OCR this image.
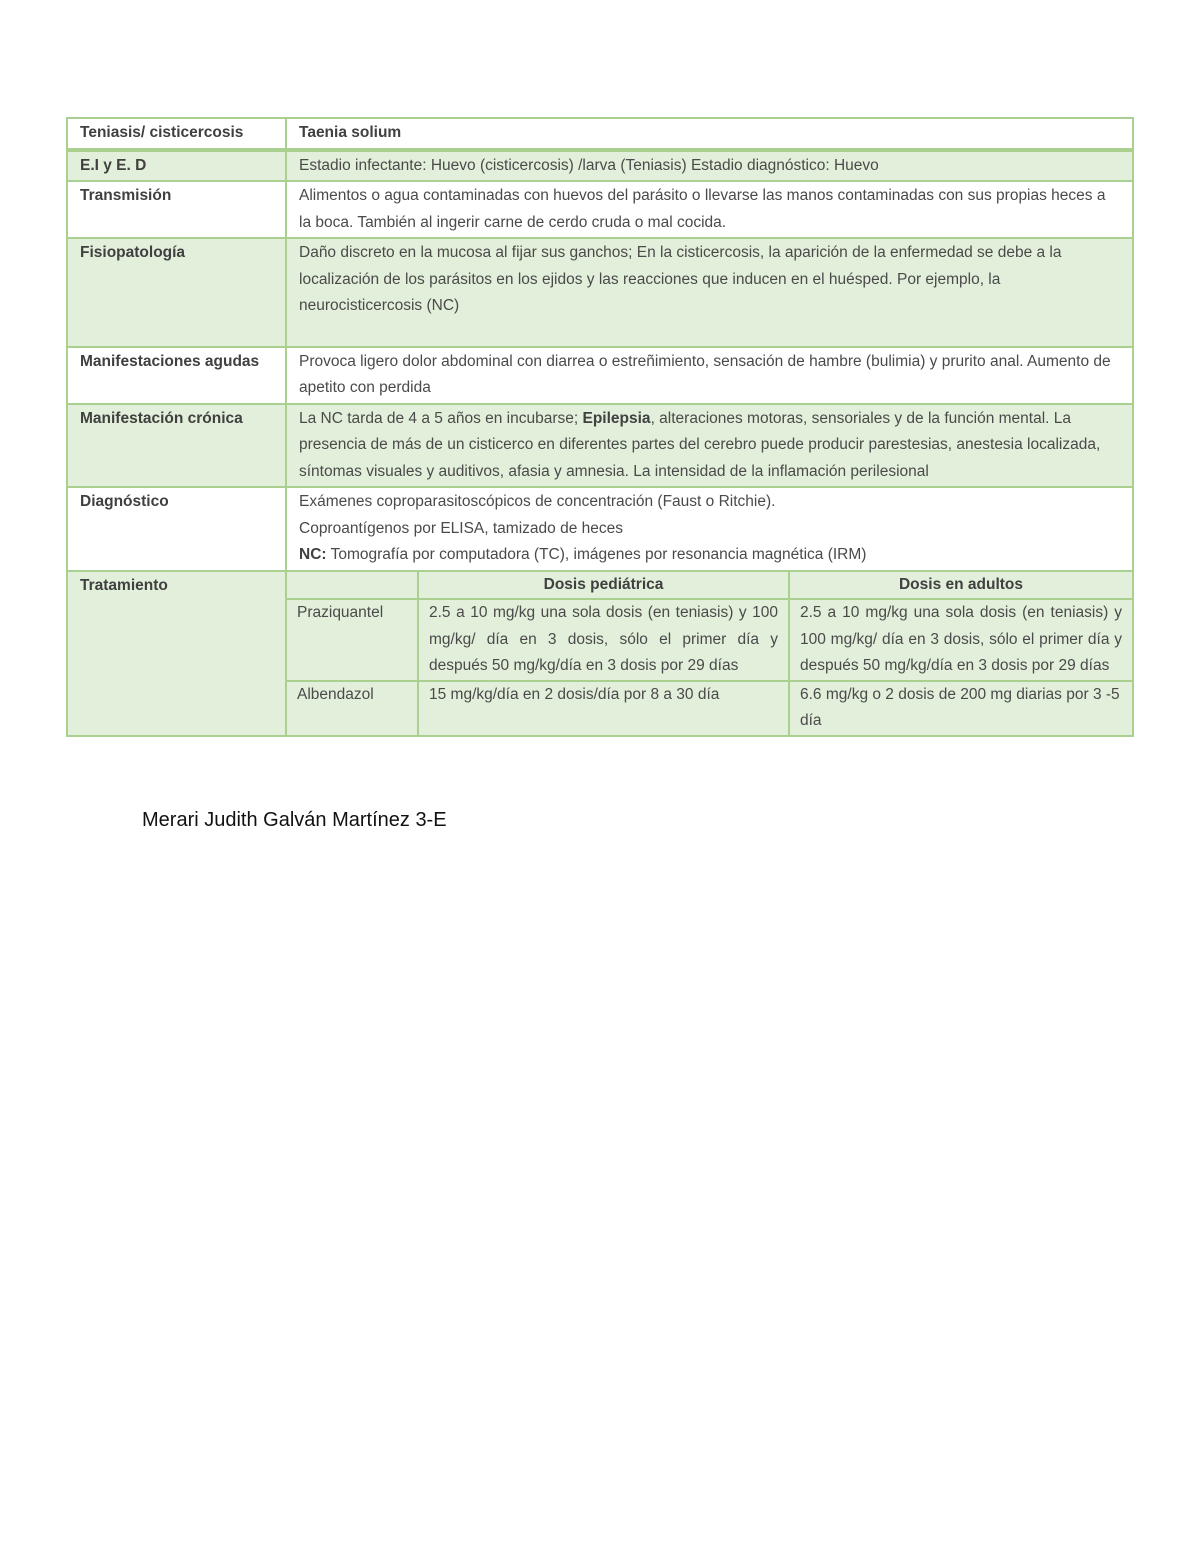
Teniasis/ cisticercosis	Taenia solium
E.I y E. D	Estadio infectante: Huevo (cisticercosis) /larva (Teniasis) Estadio diagnóstico: Huevo
Transmisión	Alimentos o agua contaminadas con huevos del parásito o llevarse las manos contaminadas con sus propias heces a la boca. También al ingerir carne de cerdo cruda o mal cocida.
Fisiopatología	Daño discreto en la mucosa al fijar sus ganchos; En la cisticercosis, la aparición de la enfermedad se debe a la localización de los parásitos en los ejidos y las reacciones que inducen en el huésped. Por ejemplo, la neurocisticercosis (NC)
Manifestaciones agudas	Provoca ligero dolor abdominal con diarrea o estreñimiento, sensación de hambre (bulimia) y prurito anal. Aumento de apetito con perdida
Manifestación crónica	La NC tarda de 4 a 5 años en incubarse; Epilepsia, alteraciones motoras, sensoriales y de la función mental. La presencia de más de un cisticerco en diferentes partes del cerebro puede producir parestesias, anestesia localizada, síntomas visuales y auditivos, afasia y amnesia. La intensidad de la inflamación perilesional
Diagnóstico	Exámenes coproparasitoscópicos de concentración (Faust o Ritchie).
Coproantígenos por ELISA, tamizado de heces
NC: Tomografía por computadora (TC), imágenes por resonancia magnética (IRM)

Tratamiento	
		Dosis pediátrica	Dosis en adultos
Praziquantel	2.5 a 10 mg/kg una sola dosis (en teniasis) y 100 mg/kg/ día en 3 dosis, sólo el primer día y después 50 mg/kg/día en 3 dosis por 29 días	2.5 a 10 mg/kg una sola dosis (en teniasis) y 100 mg/kg/ día en 3 dosis, sólo el primer día y después 50 mg/kg/día en 3 dosis por 29 días
Albendazol	15 mg/kg/día en 2 dosis/día por 8 a 30 día	6.6 mg/kg o 2 dosis de 200 mg diarias por 3 -5 día
Merari Judith Galván Martínez 3-E
